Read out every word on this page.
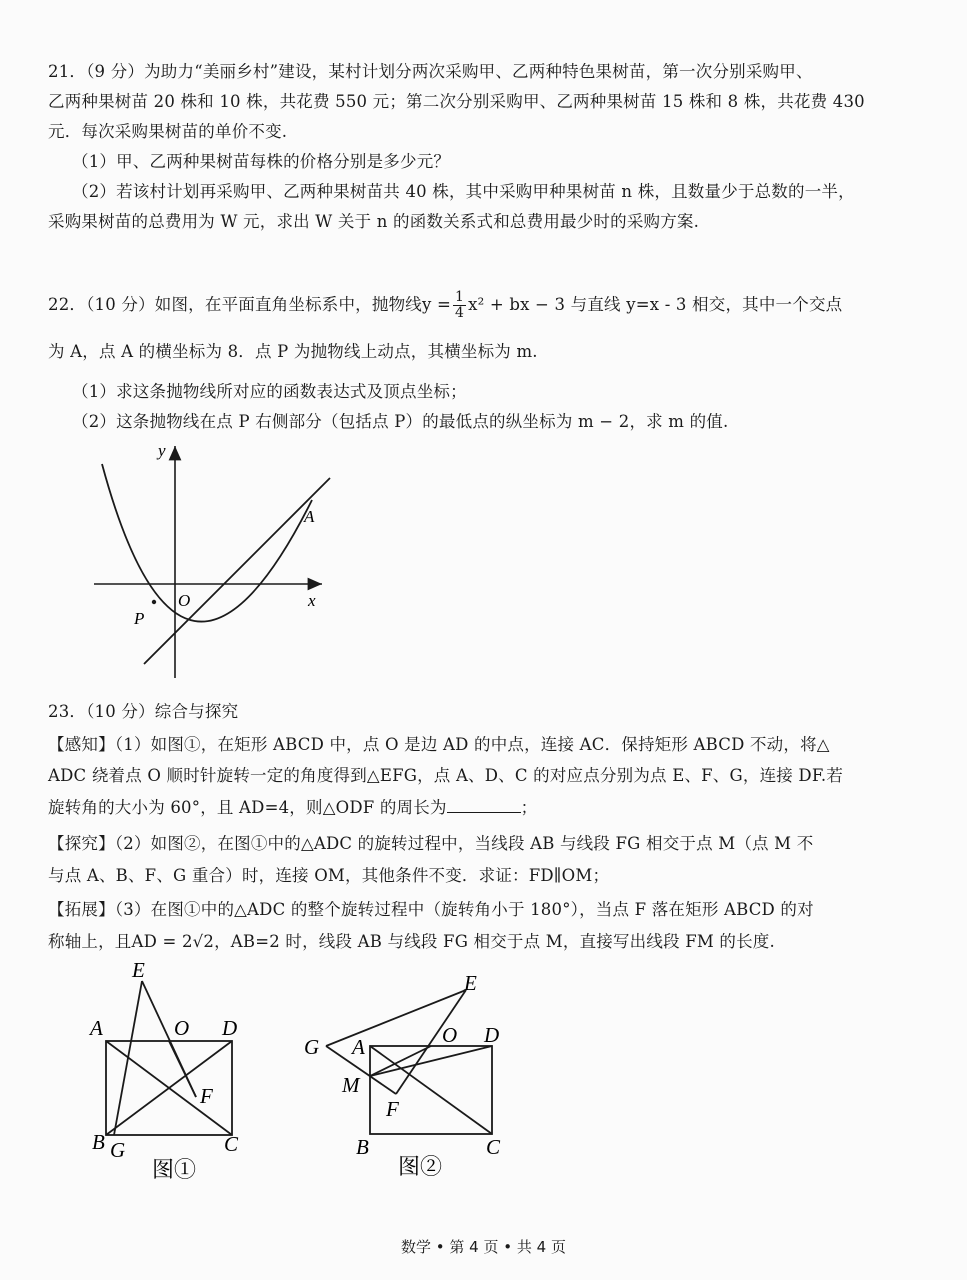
21．（9 分）为助力“美丽乡村”建设，某村计划分两次采购甲、乙两种特色果树苗，第一次分别采购甲、
乙两种果树苗 20 株和 10 株，共花费 550 元；第二次分别采购甲、乙两种果树苗 15 株和 8 株，共花费 430
元．每次采购果树苗的单价不变.
（1）甲、乙两种果树苗每株的价格分别是多少元？
（2）若该村计划再采购甲、乙两种果树苗共 40 株，其中采购甲种果树苗 n 株，且数量少于总数的一半，
采购果树苗的总费用为 W 元，求出 W 关于 n 的函数关系式和总费用最少时的采购方案.
22．（10 分）如图，在平面直角坐标系中，抛物线$y = \frac{1}{4} x^2$ + bx − 3 与直线 y=x - 3 相交，其中一个交点
为 A，点 A 的横坐标为 8．点 P 为抛物线上动点，其横坐标为 m.
（1）求这条抛物线所对应的函数表达式及顶点坐标；
（2）这条抛物线在点 P 右侧部分（包括点 P）的最低点的纵坐标为 m − 2，求 m 的值.
y
x
O
A
P
23．（10 分）综合与探究
【感知】（1）如图①，在矩形 ABCD 中，点 O 是边 AD 的中点，连接 AC．保持矩形 ABCD 不动，将△
ADC 绕着点 O 顺时针旋转一定的角度得到△EFG，点 A、D、C 的对应点分别为点 E、F、G，连接 DF.若
旋转角的大小为 60°，且 AD=4，则△ODF 的周长为	；
【探究】（2）如图②，在图①中的△ADC 的旋转过程中，当线段 AB 与线段 FG 相交于点 M（点 M 不
与点 A、B、F、G 重合）时，连接 OM，其他条件不变．求证：FD∥OM；
【拓展】（3）在图①中的△ADC 的整个旋转过程中（旋转角小于 180°），当点 F 落在矩形 ABCD 的对
称轴上，且AD = 2√2，AB=2 时，线段 AB 与线段 FG 相交于点 M，直接写出线段 FM 的长度.
E
A	O D
F
B G	C
图①
G A
E
O D
M
F
B	C
图②
数学 • 第 4 页 • 共 4 页
